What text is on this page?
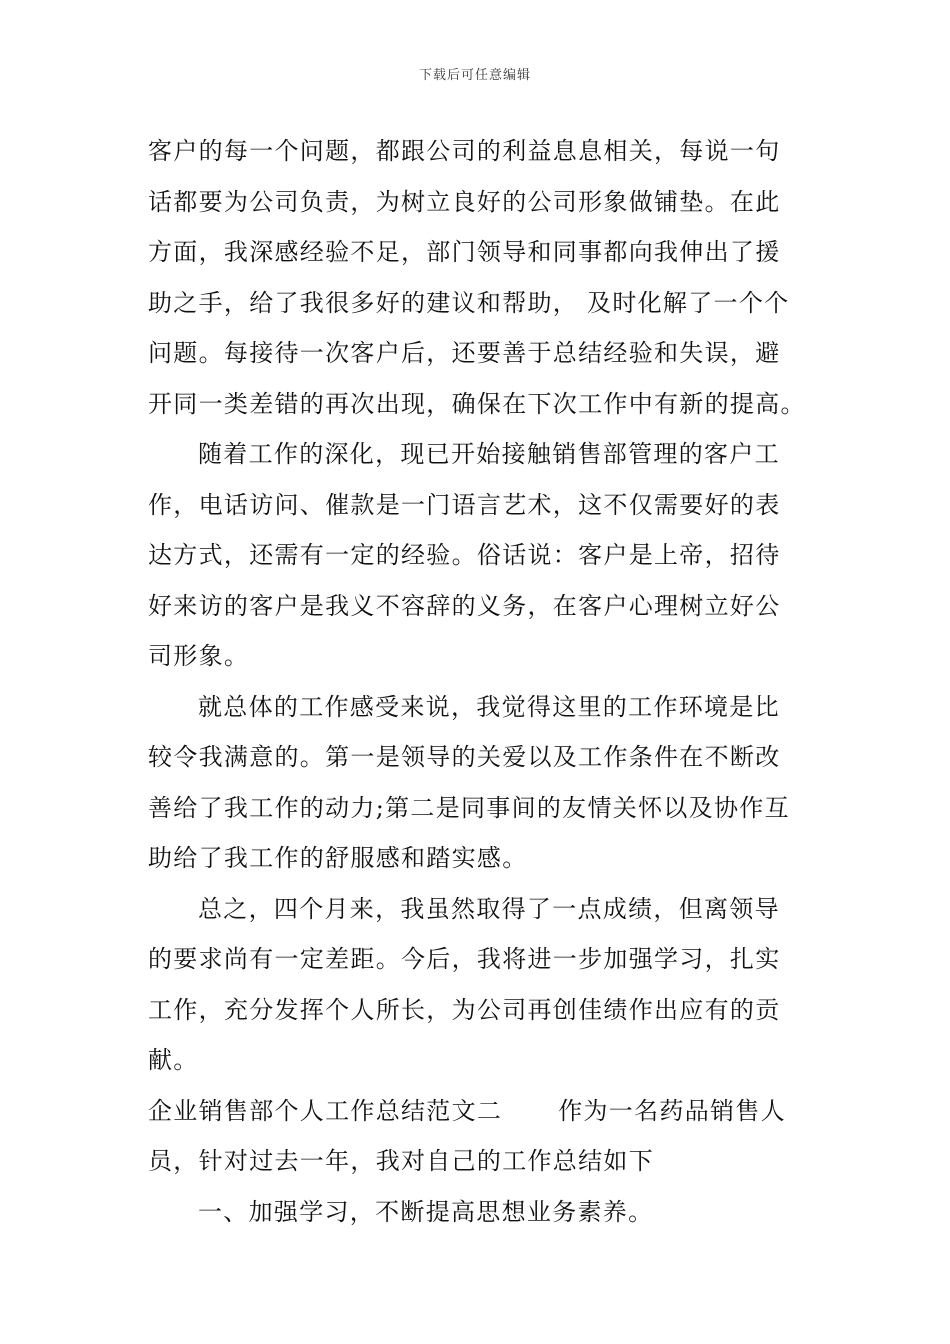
下载后可任意编辑
客户的每一个问题，都跟公司的利益息息相关，每说一句
话都要为公司负责，为树立良好的公司形象做铺垫。在此
方面，我深感经验不足，部门领导和同事都向我伸出了援
助之手，给了我很多好的建议和帮助， 及时化解了一个个
问题。每接待一次客户后，还要善于总结经验和失误，避
开同一类差错的再次出现，确保在下次工作中有新的提高。
随着工作的深化，现已开始接触销售部管理的客户工
作，电话访问、催款是一门语言艺术，这不仅需要好的表
达方式，还需有一定的经验。俗话说：客户是上帝，招待
好来访的客户是我义不容辞的义务，在客户心理树立好公
司形象。
就总体的工作感受来说，我觉得这里的工作环境是比
较令我满意的。第一是领导的关爱以及工作条件在不断改
善给了我工作的动力;第二是同事间的友情关怀以及协作互
助给了我工作的舒服感和踏实感。
总之，四个月来，我虽然取得了一点成绩，但离领导
的要求尚有一定差距。今后，我将进一步加强学习，扎实
工作，充分发挥个人所长，为公司再创佳绩作出应有的贡
献。
企业销售部个人工作总结范文二 作为一名药品销售人
员，针对过去一年，我对自己的工作总结如下
一、加强学习，不断提高思想业务素养。
